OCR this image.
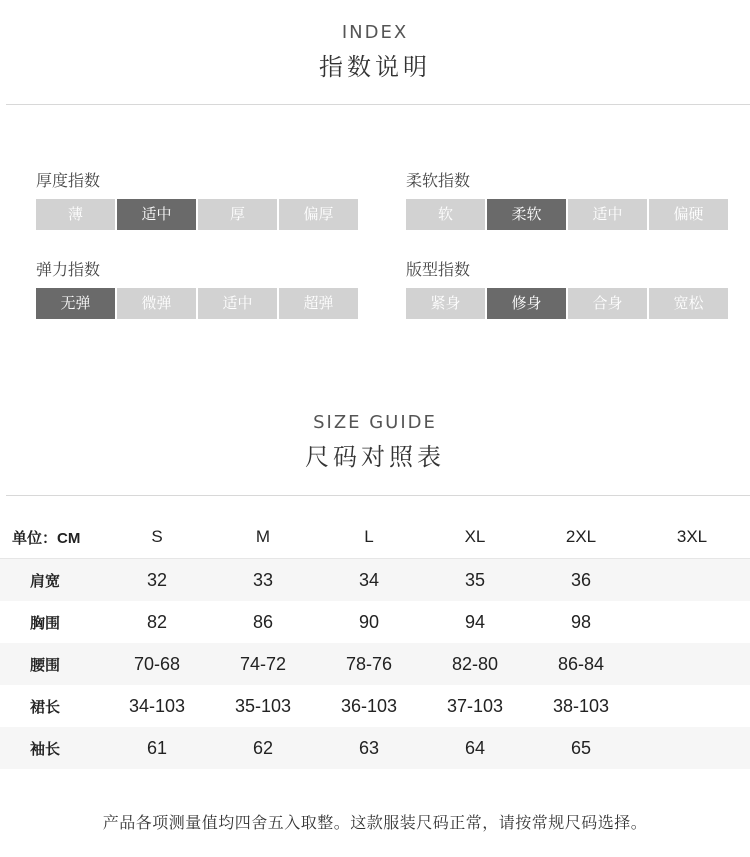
INDEX
指数说明
厚度指数
薄	适中	厚	偏厚
柔软指数
软	柔软	适中	偏硬
弹力指数
无弹	微弹	适中	超弹
版型指数
紧身	修身	合身	宽松
SIZE GUIDE
尺码对照表
单位：CM	S	M	L	XL	2XL	3XL
肩宽	32	33	34	35	36	
胸围	82	86	90	94	98	
腰围	70-68	74-72	78-76	82-80	86-84	
裙长	34-103	35-103	36-103	37-103	38-103	
袖长	61	62	63	64	65	
产品各项测量值均四舍五入取整。这款服装尺码正常，请按常规尺码选择。
